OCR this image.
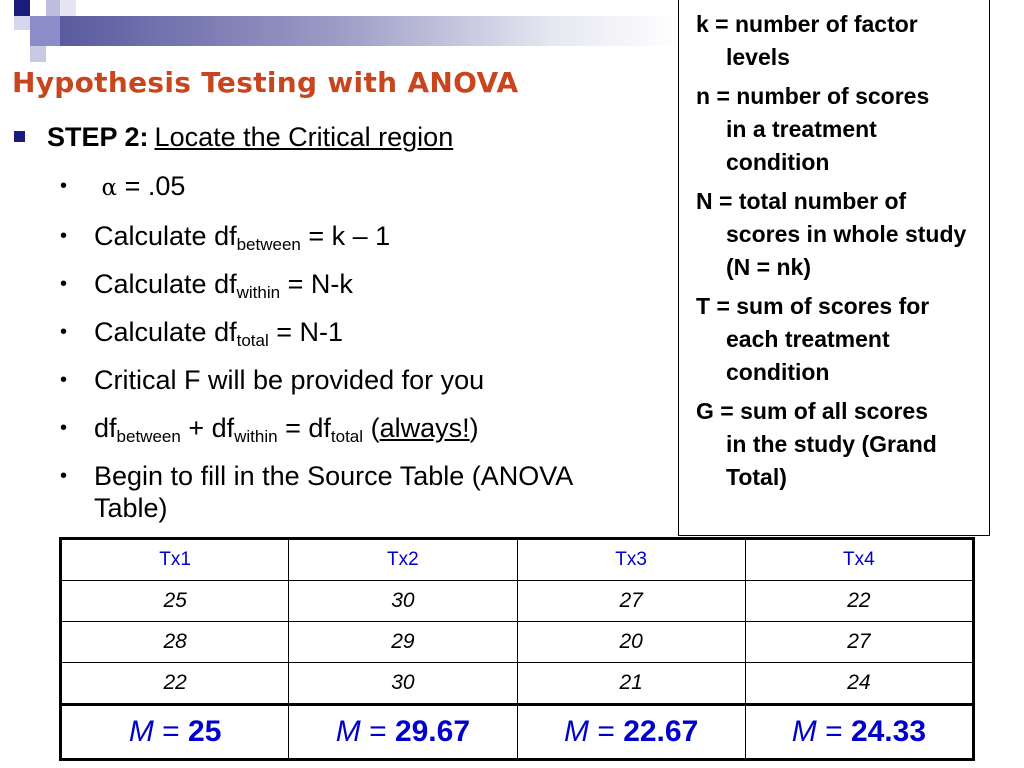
Hypothesis Testing with ANOVA
STEP 2: Locate the Critical region
• α = .05
• Calculate $df_{between} = k - 1$
• Calculate $df_{within} = N-k$
• Calculate $df_{total} = N-1$
• Critical F will be provided for you
• $df_{between} + df_{within} = df_{total}$ (always!)
• Begin to fill in the Source Table (ANOVA Table)
k = number of factor
levels
n = number of scores
in a treatment condition
N = total number of
scores in whole study (N = nk)
T = sum of scores for
each treatment condition
G = sum of all scores
in the study (Grand Total)
Tx1	Tx2	Tx3	Tx4
25	30	27	22
28	29	20	27
22	30	21	24
M = 25	M = 29.67	M = 22.67	M = 24.33
